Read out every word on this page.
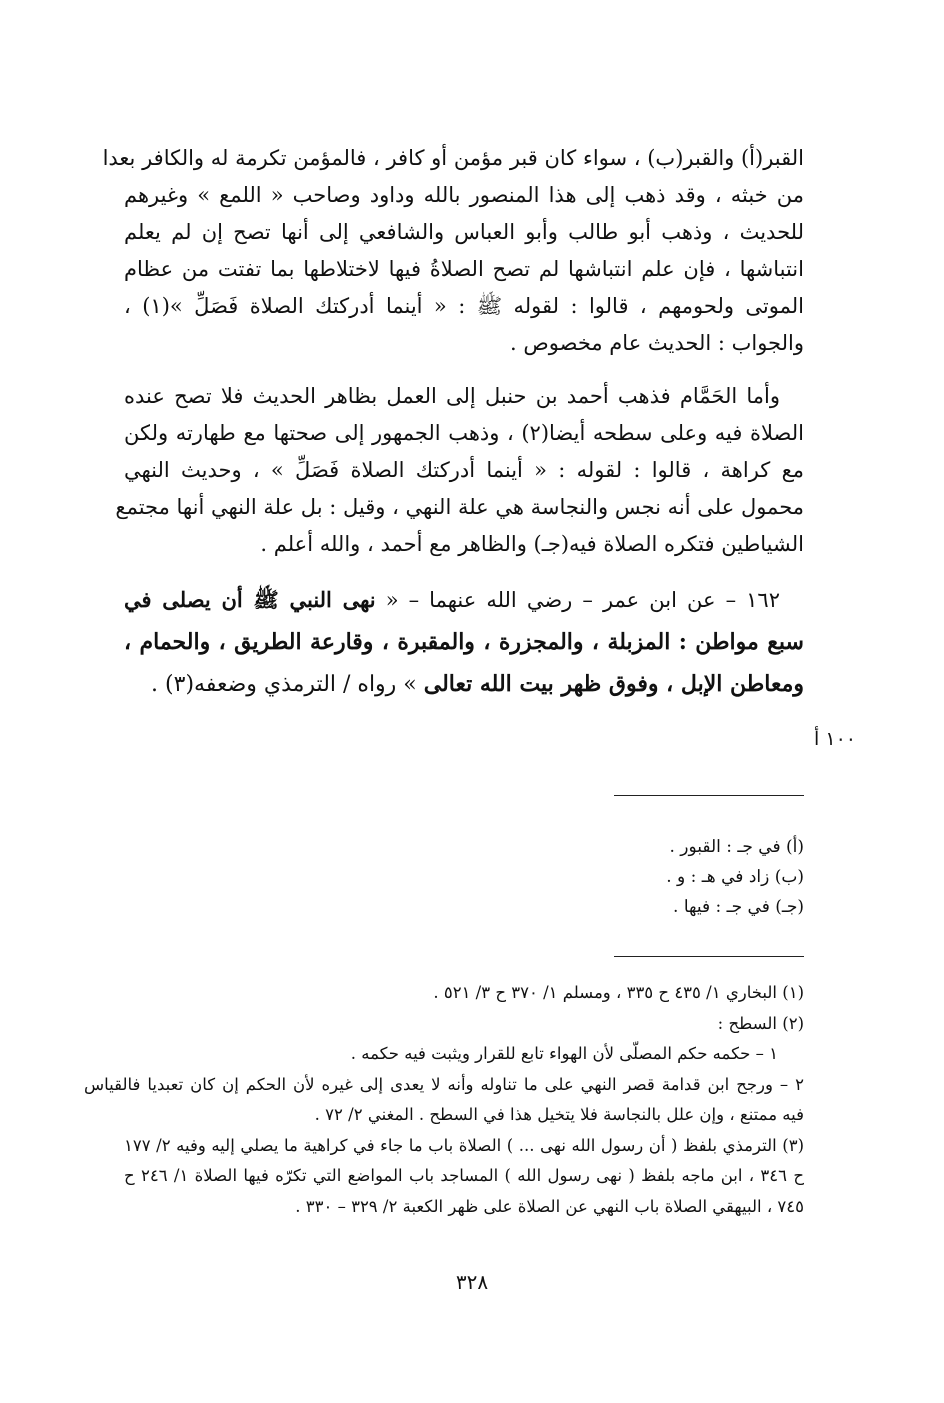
القبر(أ) والقبر(ب) ، سواء كان قبر مؤمن أو كافر ، فالمؤمن تكرمة له والكافر بعدا
من خبثه ، وقد ذهب إلى هذا المنصور بالله وداود وصاحب « اللمع » وغيرهم
للحديث ، وذهب أبو طالب وأبو العباس والشافعي إلى أنها تصح إن لم يعلم
انتباشها ، فإن علم انتباشها لم تصح الصلاةُ فيها لاختلاطها بما تفتت من عظام
الموتى ولحومهم ، قالوا : لقوله ﷺ : « أينما أدركتك الصلاة فَصَلِّ »(١) ،
والجواب : الحديث عام مخصوص .
وأما الحَمَّام فذهب أحمد بن حنبل إلى العمل بظاهر الحديث فلا تصح عنده
الصلاة فيه وعلى سطحه أيضا(٢) ، وذهب الجمهور إلى صحتها مع طهارته ولكن
مع كراهة ، قالوا : لقوله : « أينما أدركتك الصلاة فَصَلِّ » ، وحديث النهي
محمول على أنه نجس والنجاسة هي علة النهي ، وقيل : بل علة النهي أنها مجتمع
الشياطين فتكره الصلاة فيه(جـ) والظاهر مع أحمد ، والله أعلم .
١٦٢ – عن ابن عمر – رضي الله عنهما – « نهى النبي ﷺ أن يصلى في
سبع مواطن : المزبلة ، والمجزرة ، والمقبرة ، وقارعة الطريق ، والحمام ،
ومعاطن الإبل ، وفوق ظهر بيت الله تعالى » رواه / الترمذي وضعفه(٣) .
١٠٠ أ
(أ) في جـ : القبور .
(ب) زاد في هـ : و .
(جـ) في جـ : فيها .
(١) البخاري ١/ ٤٣٥ ح ٣٣٥ ، ومسلم ١/ ٣٧٠ ح ٣/ ٥٢١ .
(٢) السطح :
١ – حكمه حكم المصلّى لأن الهواء تابع للقرار ويثبت فيه حكمه .
٢ – ورجح ابن قدامة قصر النهي على ما تناوله وأنه لا يعدى إلى غيره لأن الحكم إن كان تعبديا فالقياس
فيه ممتنع ، وإن علل بالنجاسة فلا يتخيل هذا في السطح . المغني ٢/ ٧٢ .
(٣) الترمذي بلفظ ( أن رسول الله نهى ... ) الصلاة باب ما جاء في كراهية ما يصلي إليه وفيه ٢/ ١٧٧
ح ٣٤٦ ، ابن ماجه بلفظ ( نهى رسول الله ) المساجد باب المواضع التي تكرّه فيها الصلاة ١/ ٢٤٦ ح
٧٤٥ ، البيهقي الصلاة باب النهي عن الصلاة على ظهر الكعبة ٢/ ٣٢٩ – ٣٣٠ .
٣٢٨
